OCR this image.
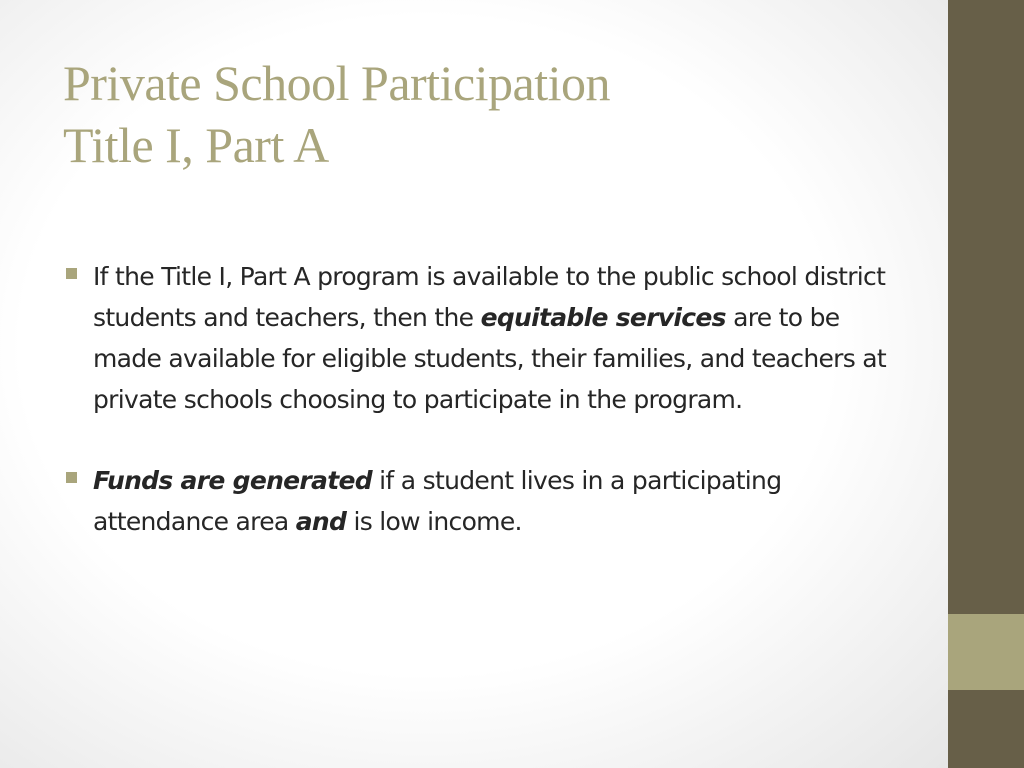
Private School Participation
Title I, Part A
If the Title I, Part A program is available to the public school district students and teachers, then the equitable services are to be made available for eligible students, their families, and teachers at private schools choosing to participate in the program.
Funds are generated if a student lives in a participating attendance area and is low income.
